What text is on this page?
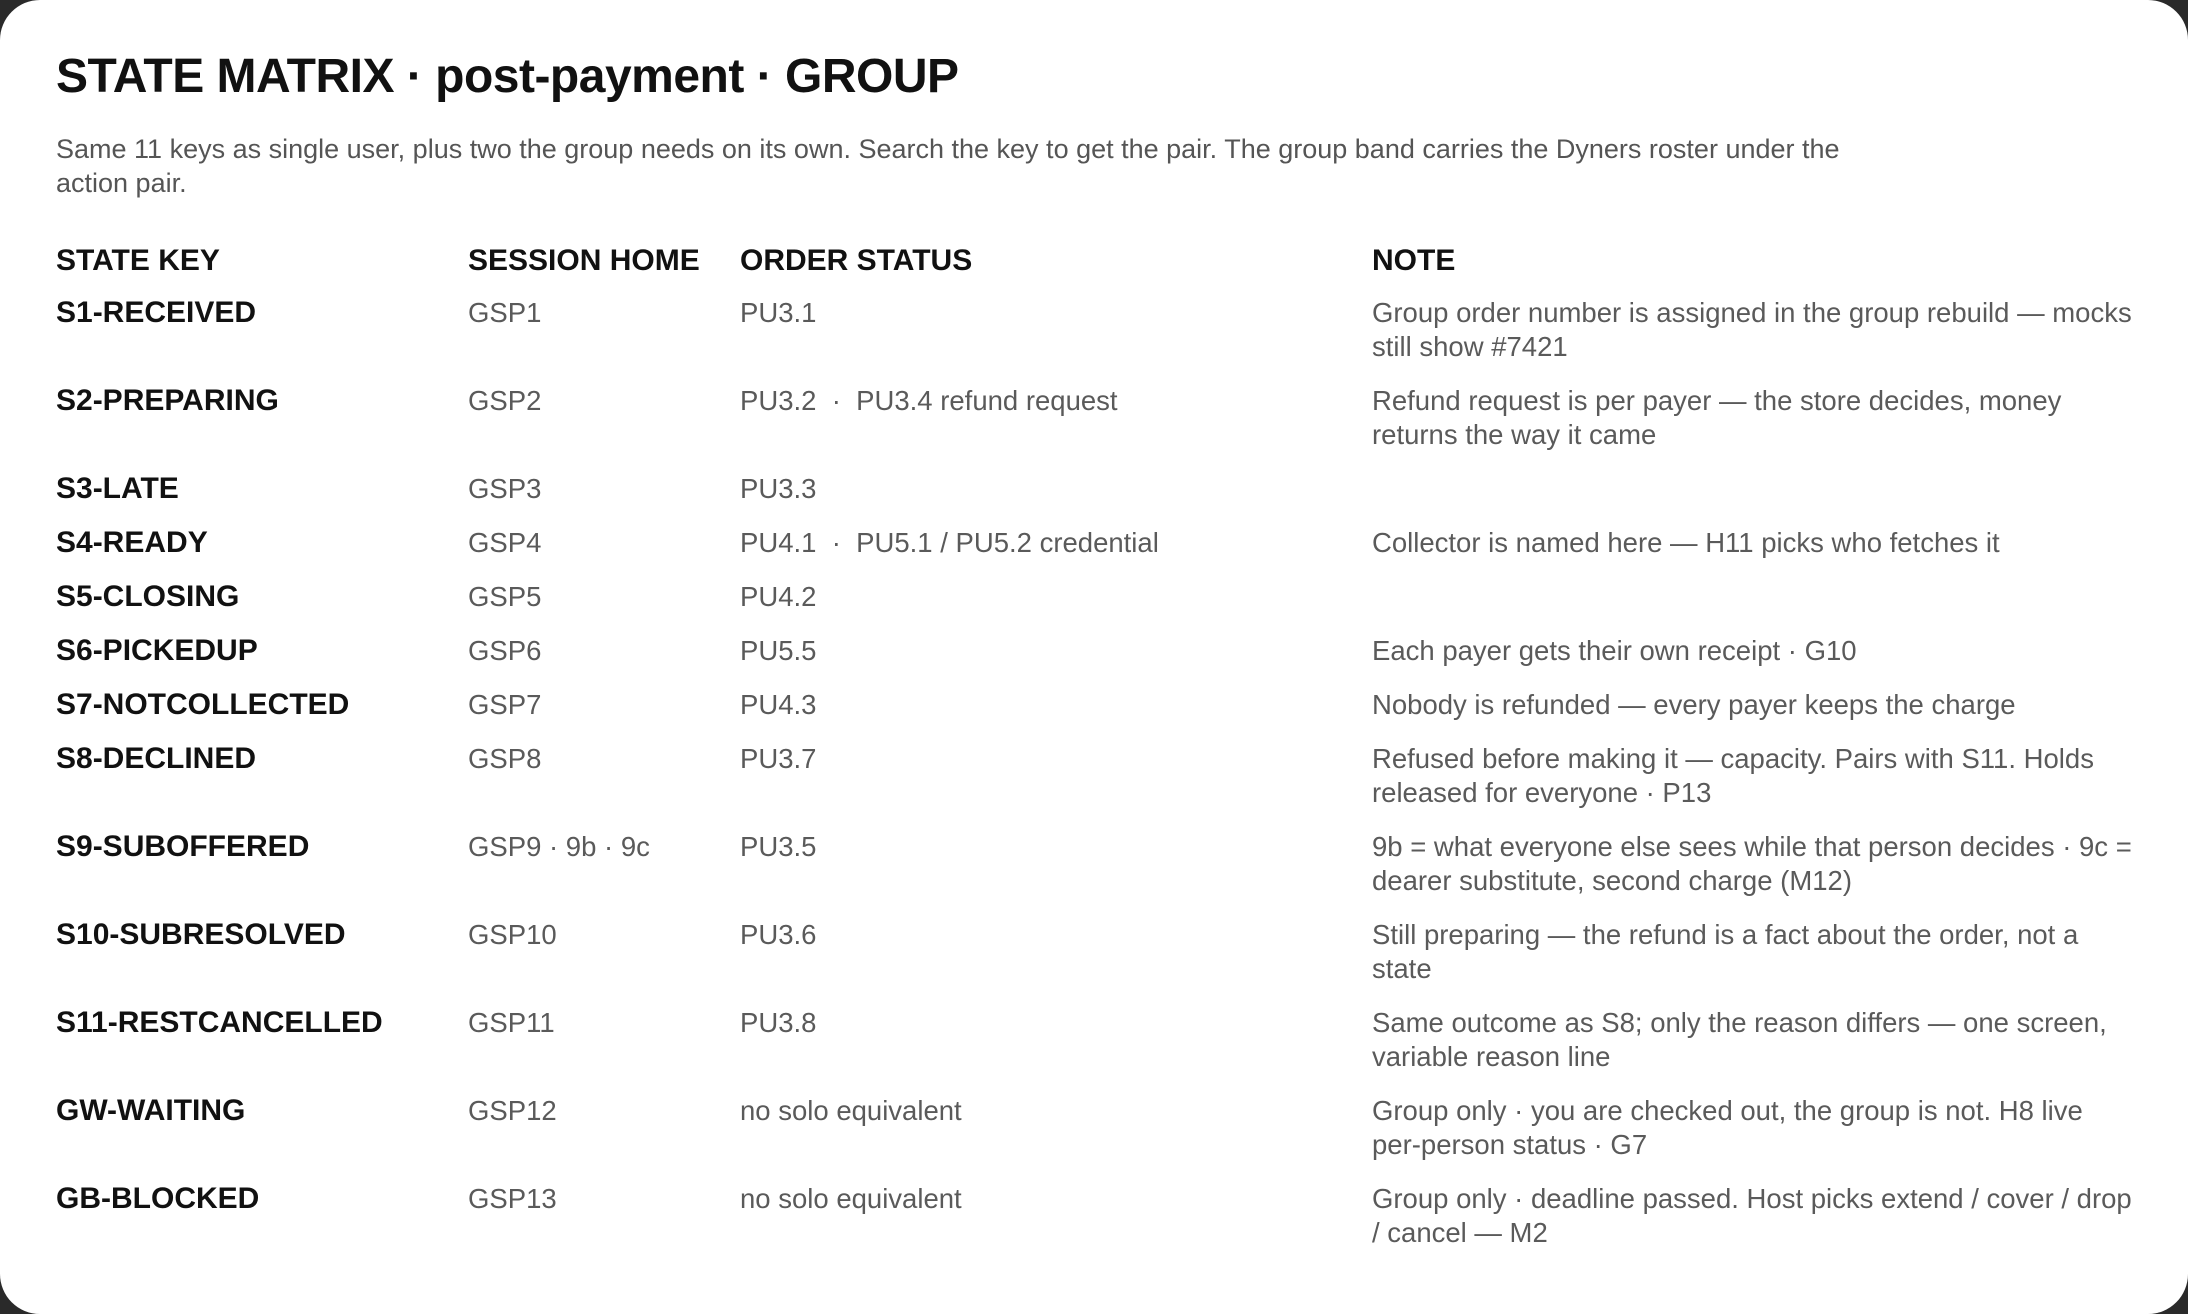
STATE MATRIX · post-payment · GROUP

Same 11 keys as single user, plus two the group needs on its own. Search the key to get the pair. The group band carries the Dyners roster under the action pair.

STATE KEY	SESSION HOME	ORDER STATUS	NOTE
S1-RECEIVED	GSP1	PU3.1	Group order number is assigned in the group rebuild — mocks still show #7421
S2-PREPARING	GSP2	PU3.2  ·  PU3.4 refund request	Refund request is per payer — the store decides, money returns the way it came
S3-LATE	GSP3	PU3.3
S4-READY	GSP4	PU4.1  ·  PU5.1 / PU5.2 credential	Collector is named here — H11 picks who fetches it
S5-CLOSING	GSP5	PU4.2
S6-PICKEDUP	GSP6	PU5.5	Each payer gets their own receipt · G10
S7-NOTCOLLECTED	GSP7	PU4.3	Nobody is refunded — every payer keeps the charge
S8-DECLINED	GSP8	PU3.7	Refused before making it — capacity. Pairs with S11. Holds released for everyone · P13
S9-SUBOFFERED	GSP9 · 9b · 9c	PU3.5	9b = what everyone else sees while that person decides · 9c = dearer substitute, second charge (M12)
S10-SUBRESOLVED	GSP10	PU3.6	Still preparing — the refund is a fact about the order, not a state
S11-RESTCANCELLED	GSP11	PU3.8	Same outcome as S8; only the reason differs — one screen, variable reason line
GW-WAITING	GSP12	no solo equivalent	Group only · you are checked out, the group is not. H8 live per-person status · G7
GB-BLOCKED	GSP13	no solo equivalent	Group only · deadline passed. Host picks extend / cover / drop / cancel — M2
